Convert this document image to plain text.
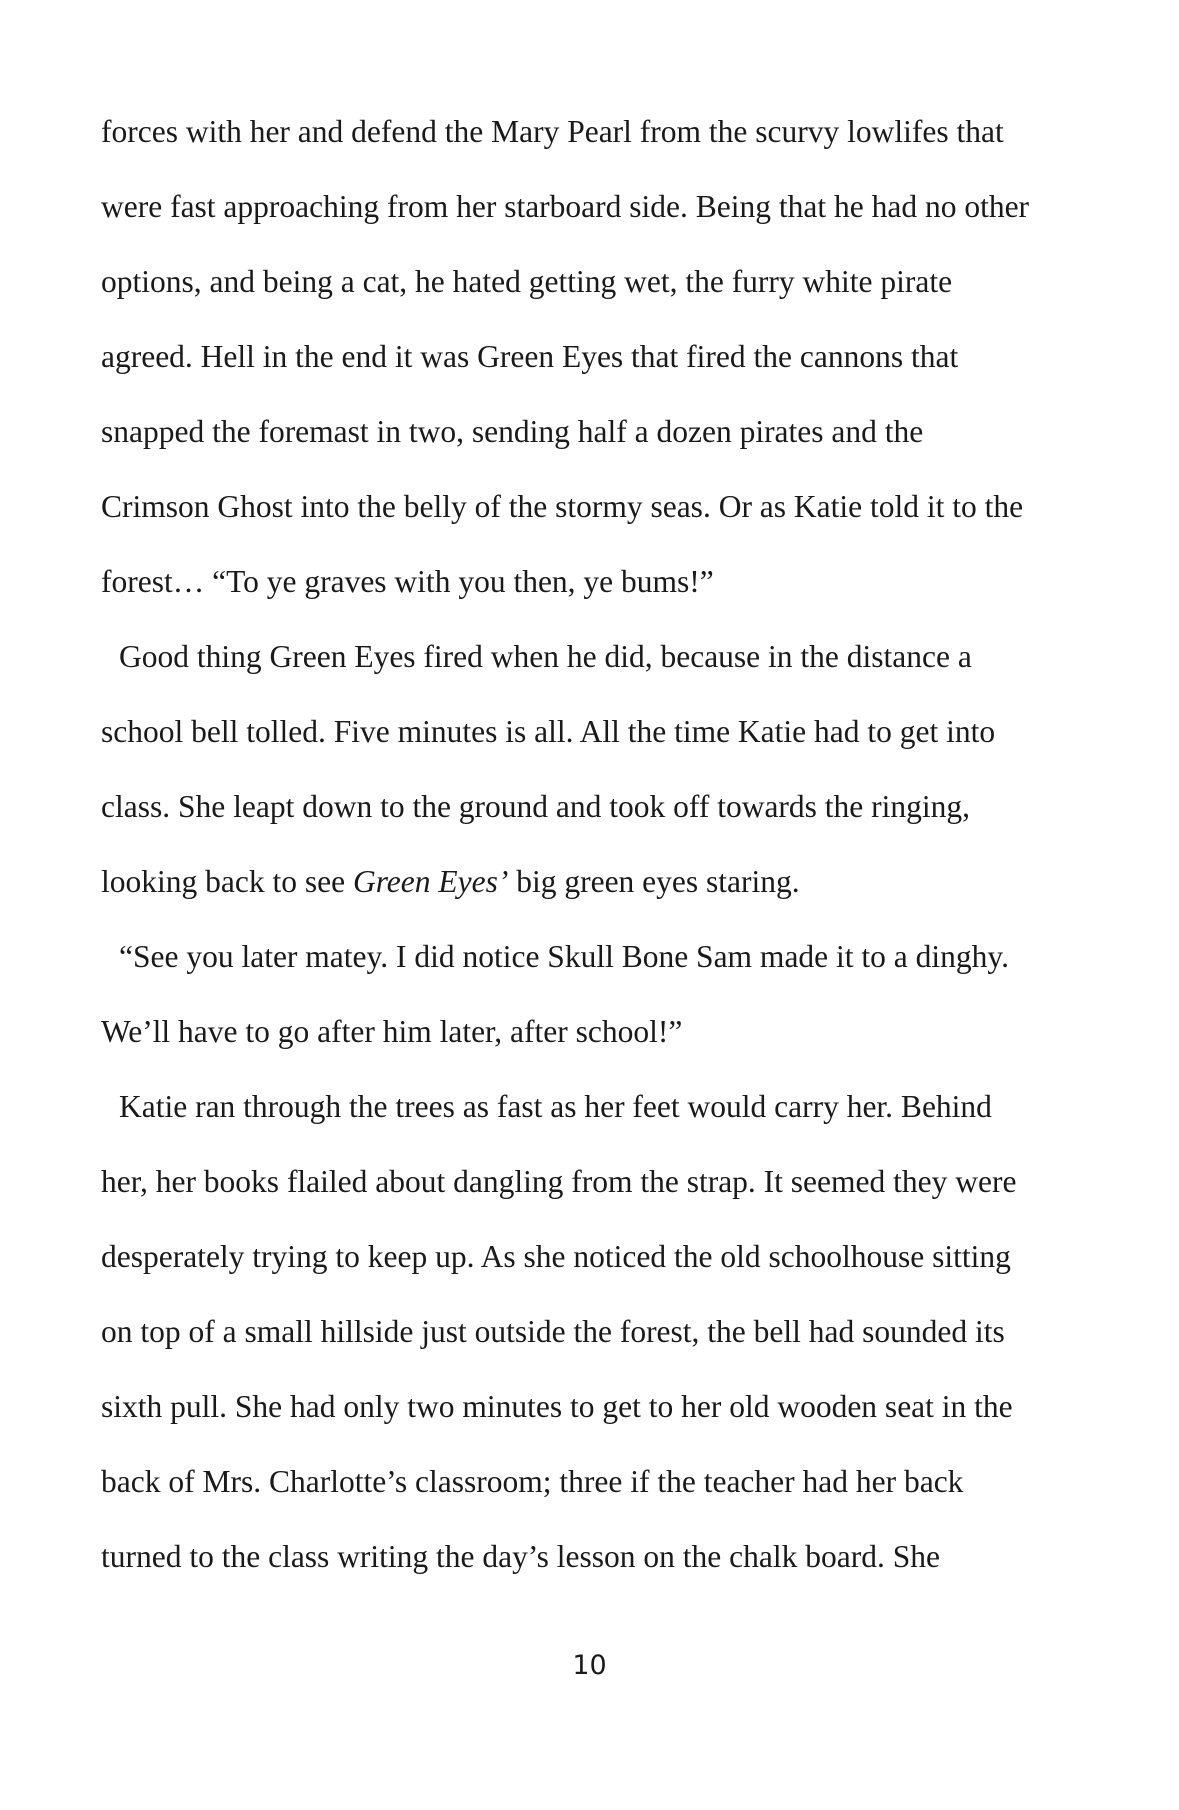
forces with her and defend the Mary Pearl from the scurvy lowlifes that
were fast approaching from her starboard side. Being that he had no other
options, and being a cat, he hated getting wet, the furry white pirate
agreed. Hell in the end it was Green Eyes that fired the cannons that
snapped the foremast in two, sending half a dozen pirates and the
Crimson Ghost into the belly of the stormy seas. Or as Katie told it to the
forest… “To ye graves with you then, ye bums!”
Good thing Green Eyes fired when he did, because in the distance a
school bell tolled. Five minutes is all. All the time Katie had to get into
class. She leapt down to the ground and took off towards the ringing,
looking back to see Green Eyes’ big green eyes staring.
“See you later matey. I did notice Skull Bone Sam made it to a dinghy.
We’ll have to go after him later, after school!”
Katie ran through the trees as fast as her feet would carry her. Behind
her, her books flailed about dangling from the strap. It seemed they were
desperately trying to keep up. As she noticed the old schoolhouse sitting
on top of a small hillside just outside the forest, the bell had sounded its
sixth pull. She had only two minutes to get to her old wooden seat in the
back of Mrs. Charlotte’s classroom; three if the teacher had her back
turned to the class writing the day’s lesson on the chalk board. She
10
